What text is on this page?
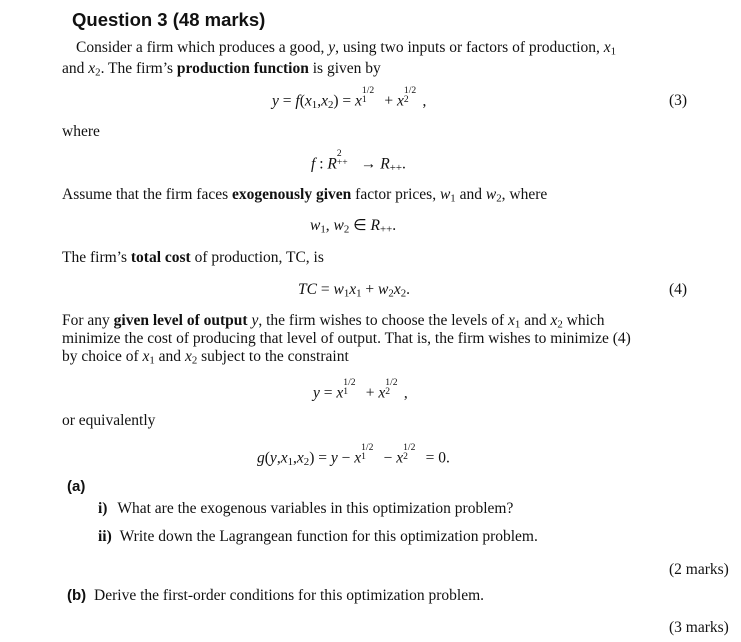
Question 3 (48 marks)
Consider a firm which produces a good, y, using two inputs or factors of production, $x_1$
and $x_2$. The firm’s production function is given by
$y = f(x_1,x_2) = x$
1/2
1 + x
1/2
2 ,	(3)
where
f : R
2
++ → $R_{++}$.
Assume that the firm faces exogenously given factor prices, $w_1$ and $w_2$, where
$w_1$, $w_2$ ∈ $R_{++}$.
The firm’s total cost of production, TC, is
TC = $w_1x_1 + w_2x_2$.	(4)
For any given level of output y, the firm wishes to choose the levels of $x_1$ and $x_2$ which
minimize the cost of producing that level of output. That is, the firm wishes to minimize (4)
by choice of $x_1$ and $x_2$ subject to the constraint
y = x
1/2
1 + x
1/2
2 ,
or equivalently
$g(y,x_1,x_2) = y - x$
1/2
1 − x
1/2
2 = 0.
(a)
i) What are the exogenous variables in this optimization problem?
ii) Write down the Lagrangean function for this optimization problem.
(2 marks)
(b) Derive the first-order conditions for this optimization problem.
(3 marks)
